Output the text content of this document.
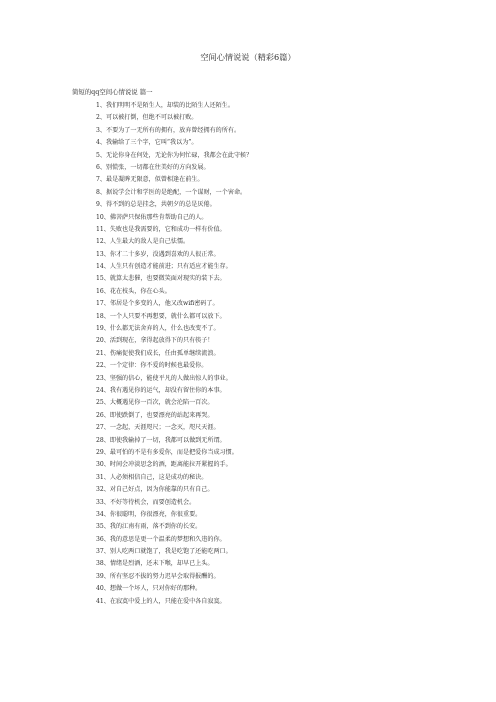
空间心情说说（精彩6篇）
简短的qq空间心情说说 篇一
1、我们明明不是陌生人，却装的比陌生人还陌生。
2、可以被打倒，但绝不可以被打败。
3、不要为了一无所有的拥有，放弃曾经拥有的所有。
4、我输给了三个字，它叫“我以为”。
5、无论你身在何处，无论你为何忙碌，我都会在此守候？
6、别慌张，一切都在往美好的方向发展。
7、最是凝眸无限意，似曾相逢在前生。
8、据说学会计和学医的是绝配，一个谋财，一个害命。
9、得不到的总是挂念，共朝夕的总是厌倦。
10、佛菩萨只保佑那些肯帮助自己的人。
11、失败也是我需要的，它和成功一样有价值。
12、人生最大的敌人是自己怯懦。
13、你才二十多岁，没遇到喜欢的人很正常。
14、人生只有创造才能前进；只有适应才能生存。
15、就算太悲催，也要微笑面对现实的装下去。
16、花在枝头，你在心头。
17、邻居是个多变的人，他又改wifi密码了。
18、一个人只要不再想要，就什么都可以放下。
19、什么都无法舍弃的人，什么也改变不了。
20、活到现在，拿得起放得下的只有筷子！
21、伤痛促使我们成长，任由孤单继续流浪。
22、一个定律：你不爱的时候也最爱你。
23、坚强的信心，能使平凡的人做出惊人的事业。
24、我有遇见你的运气，却没有留住你的本事。
25、大概遇见你一百次，就会沦陷一百次。
26、即使跌倒了，也要漂亮的站起来再哭。
27、一念起，天涯咫尺；一念灭，咫尺天涯。
28、即使我输掉了一切，我都可以做到无所谓。
29、最可怕的不是有多爱你，而是把爱你当成习惯。
30、时间会冲淡思念的酒，距离能拉开紧握的手。
31、人必须相信自己，这是成功的秘诀。
32、对自己好点，因为你能靠的只有自己。
33、不好等待机会，而要创造机会。
34、你很聪明，你很漂亮，你很重要。
35、我的江南有雨，落不到你的长安。
36、我的意思是更一个温柔的梦想和久违的你。
37、别人吃两口就饱了，我是吃饱了还能吃两口。
38、情绪是烈酒，还未下喉，却早已上头。
39、所有坚忍不拔的努力迟早会取得报酬的。
40、想做一个坏人，只对你好的那种。
41、在寂寞中爱上的人，只能在爱中各自寂寞。
